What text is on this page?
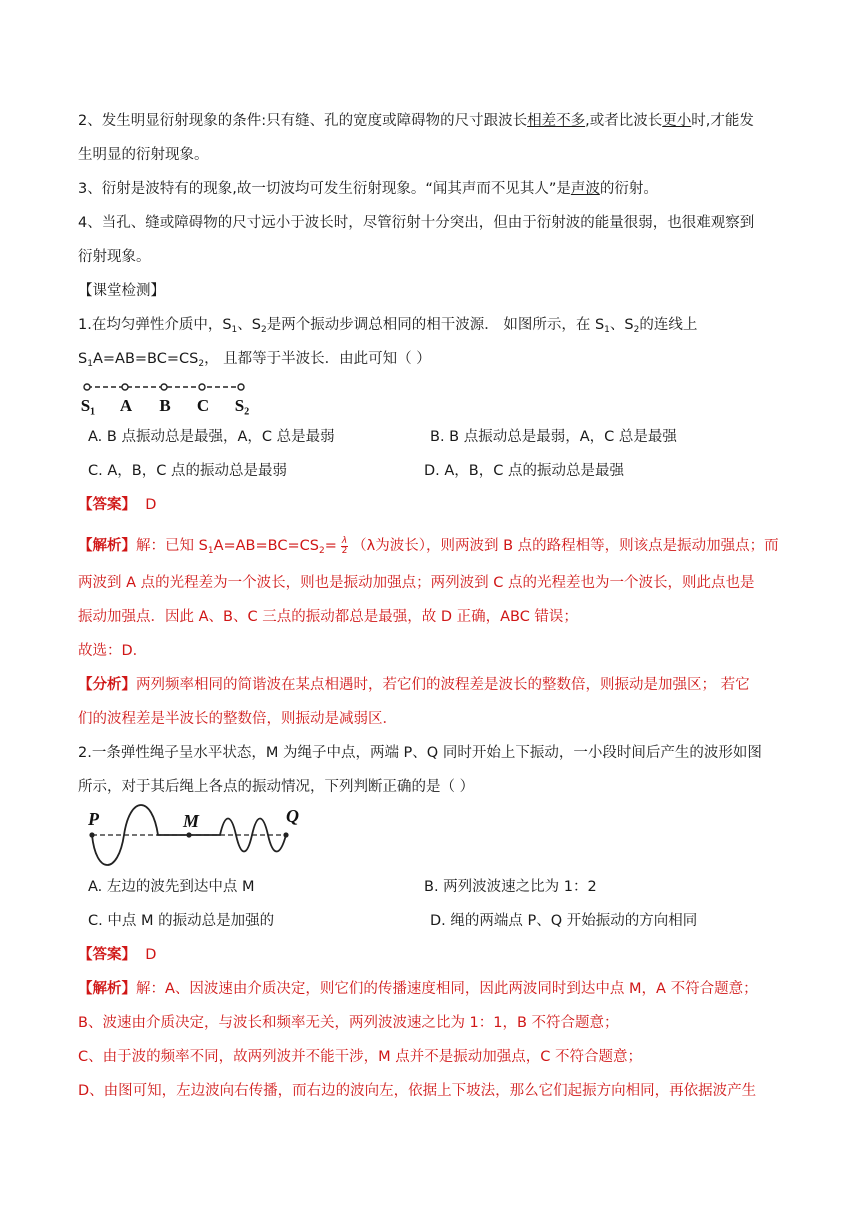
2、发生明显衍射现象的条件:只有缝、孔的宽度或障碍物的尺寸跟波长相差不多,或者比波长更小时,才能发
生明显的衍射现象。
3、衍射是波特有的现象,故一切波均可发生衍射现象。“闻其声而不见其人”是声波的衍射。
4、当孔、缝或障碍物的尺寸远小于波长时，尽管衍射十分突出，但由于衍射波的能量很弱，也很难观察到
衍射现象。
【课堂检测】
1.在均匀弹性介质中，$S_1$、$S_2$是两个振动步调总相同的相干波源． 如图所示，在 $S_1$、$S_2$的连线上
$S_1A=AB=BC=CS_2$， 且都等于半波长．由此可知（ ）
S₁ A B C S₂
A. B 点振动总是最强，A，C 总是最弱	B. B 点振动总是最弱，A，C 总是最强
C. A，B，C 点的振动总是最弱	D. A，B，C 点的振动总是最强
【答案】 D
【解析】解：已知 $S_1A=AB=BC=CS_2= \frac{\lambda}{2} (\lambda$为波长），则两波到 B 点的路程相等，则该点是振动加强点；而
两波到 A 点的光程差为一个波长，则也是振动加强点；两列波到 C 点的光程差也为一个波长，则此点也是
振动加强点．因此 A、B、C 三点的振动都总是最强，故 D 正确，ABC 错误；
故选：D．
【分析】两列频率相同的简谐波在某点相遇时，若它们的波程差是波长的整数倍，则振动是加强区； 若它
们的波程差是半波长的整数倍，则振动是减弱区．
2.一条弹性绳子呈水平状态，M 为绳子中点，两端 P、Q 同时开始上下振动，一小段时间后产生的波形如图
所示，对于其后绳上各点的振动情况，下列判断正确的是（ ）
P	M	Q
A. 左边的波先到达中点 M	B. 两列波波速之比为 1：2
C. 中点 M 的振动总是加强的	D. 绳的两端点 P、Q 开始振动的方向相同
【答案】 D
【解析】解：A、因波速由介质决定，则它们的传播速度相同，因此两波同时到达中点 M，A 不符合题意；
B、波速由介质决定，与波长和频率无关，两列波波速之比为 1：1，B 不符合题意；
C、由于波的频率不同，故两列波并不能干涉，M 点并不是振动加强点，C 不符合题意；
D、由图可知，左边波向右传播，而右边的波向左，依据上下坡法，那么它们起振方向相同，再依据波产生
